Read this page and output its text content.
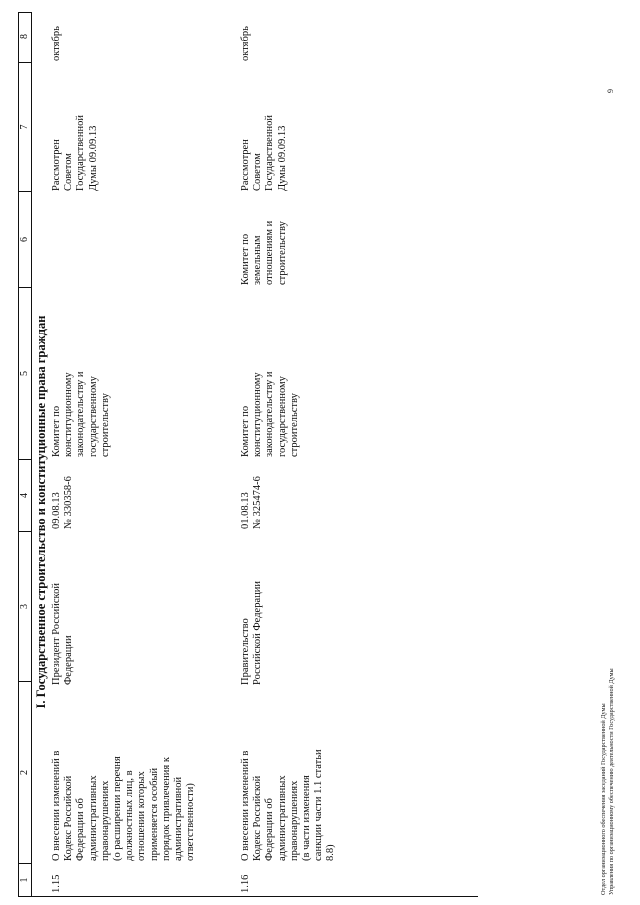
1
2
3
4
5
6
7
8
I. Государственное строительство и конституционные права граждан
1.15
О внесении изменений в
Кодекс Российской
Федерации об
административных
правонарушениях
(о расширении перечня
должностных лиц, в
отношении которых
применяется особый
порядок привлечения к
административной
ответственности)
Президент Российской
Федерации
09.08.13
№ 330358-6
Комитет по
конституционному
законодательству и
государственному
строительству
Рассмотрен
Советом
Государственной
Думы 09.09.13
октябрь
1.16
О внесении изменений в
Кодекс Российской
Федерации об
административных
правонарушениях
(в части изменения
санкции части 1.1 статьи
8.8)
Правительство
Российской Федерации
01.08.13
№ 325474-6
Комитет по
конституционному
законодательству и
государственному
строительству
Комитет по земельным
отношениям и
строительству
Рассмотрен
Советом
Государственной
Думы 09.09.13
октябрь
Отдел организационного обеспечения заседаний Государственной Думы Управления по организационному обеспечению деятельности Государственной Думы
9
